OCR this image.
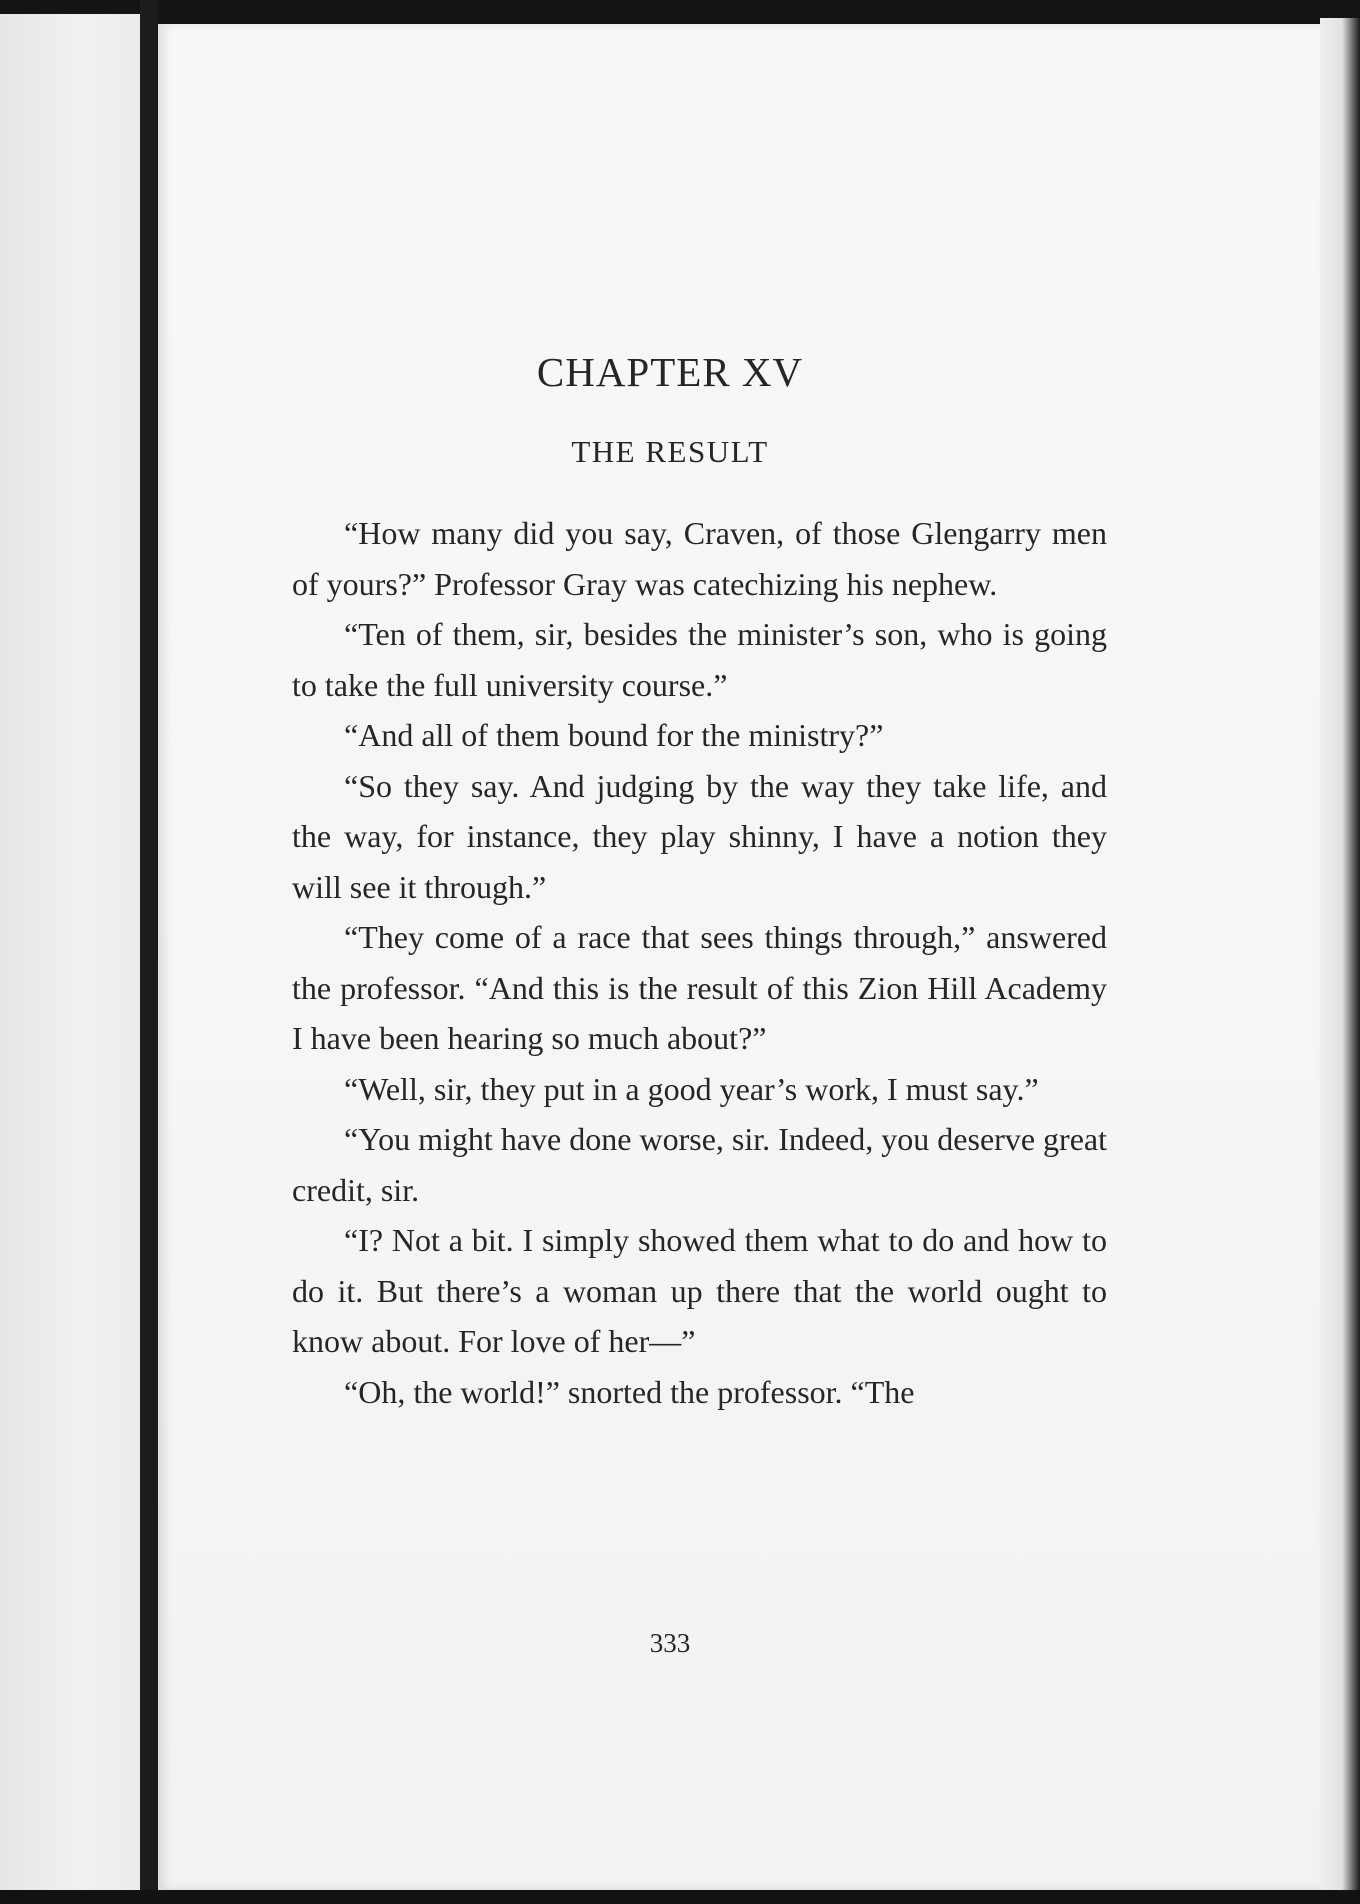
CHAPTER XV
THE RESULT

“How many did you say, Craven, of those Glengarry men of yours?” Professor Gray was catechizing his nephew.

“Ten of them, sir, besides the minister’s son, who is going to take the full university course.”

“And all of them bound for the ministry?”

“So they say. And judging by the way they take life, and the way, for instance, they play shinny, I have a notion they will see it through.”

“They come of a race that sees things through,” answered the professor. “And this is the result of this Zion Hill Academy I have been hearing so much about?”

“Well, sir, they put in a good year’s work, I must say.”

“You might have done worse, sir. Indeed, you deserve great credit, sir.

“I? Not a bit. I simply showed them what to do and how to do it. But there’s a woman up there that the world ought to know about. For love of her—”

“Oh, the world!” snorted the professor. “The

333
